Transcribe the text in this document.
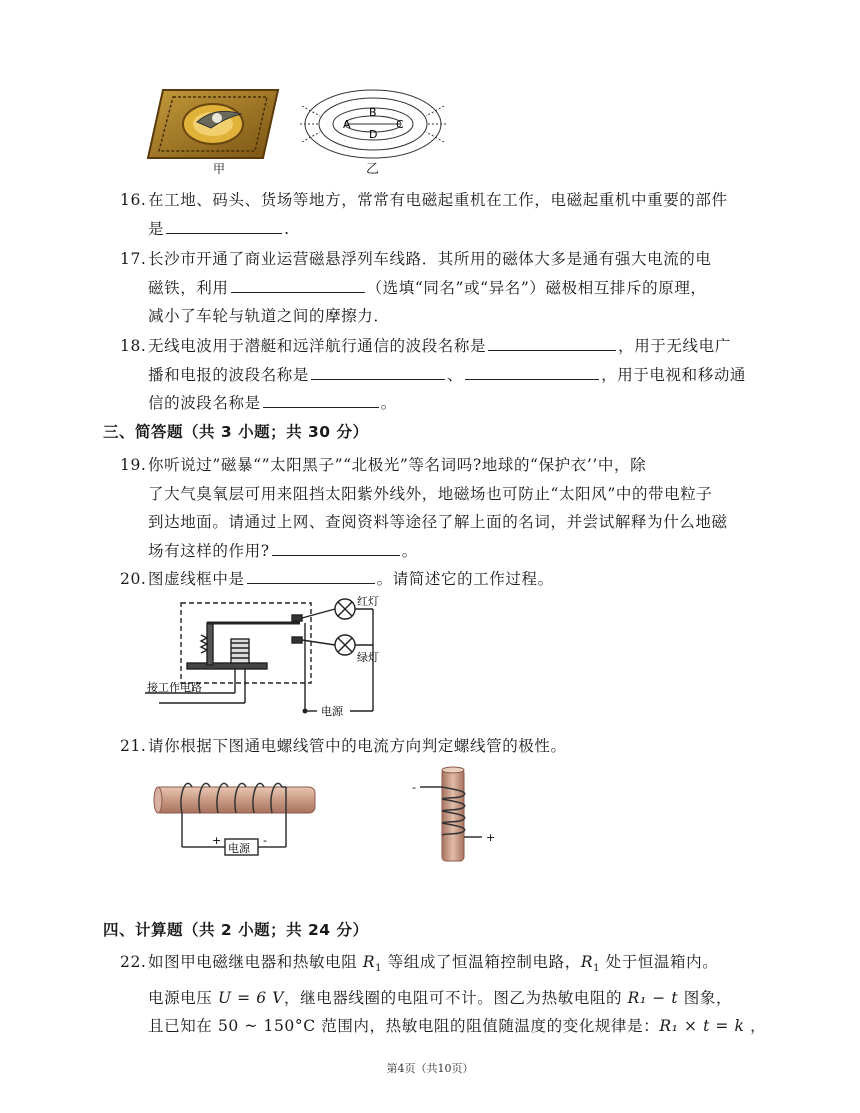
甲
A
B
C
D
乙
16.在工地、码头、货场等地方，常常有电磁起重机在工作，电磁起重机中重要的部件
是	.
17.长沙市开通了商业运营磁悬浮列车线路．其所用的磁体大多是通有强大电流的电
磁铁，利用	（选填“同名”或“异名”）磁极相互排斥的原理，
减小了车轮与轨道之间的摩擦力．
18.无线电波用于潜艇和远洋航行通信的波段名称是	，用于无线电广
播和电报的波段名称是	、	，用于电视和移动通
信的波段名称是	。
三、简答题（共 3 小题；共 30 分）
19.你听说过”磁暴“”太阳黑子”“北极光”等名词吗?地球的“保护衣’’中，除
了大气臭氧层可用来阻挡太阳紫外线外，地磁场也可防止“太阳风”中的带电粒子
到达地面。请通过上网、查阅资料等途径了解上面的名词，并尝试解释为什么地磁
场有这样的作用?	。
20.图虚线框中是	。请简述它的工作过程。
红灯
绿灯
接工作电路
电源
21.请你根据下图通电螺线管中的电流方向判定螺线管的极性。
电源
+	-
-
+
四、计算题（共 2 小题；共 24 分）
22.如图甲电磁继电器和热敏电阻 $R_1$ 等组成了恒温箱控制电路，$R_1$ 处于恒温箱内。
电源电压 U = 6 V，继电器线圈的电阻可不计。图乙为热敏电阻的 R₁ − t 图象，
且已知在 50 ~ 150°C 范围内，热敏电阻的阻值随温度的变化规律是：R₁ × t = k ，
第4页（共10页）
